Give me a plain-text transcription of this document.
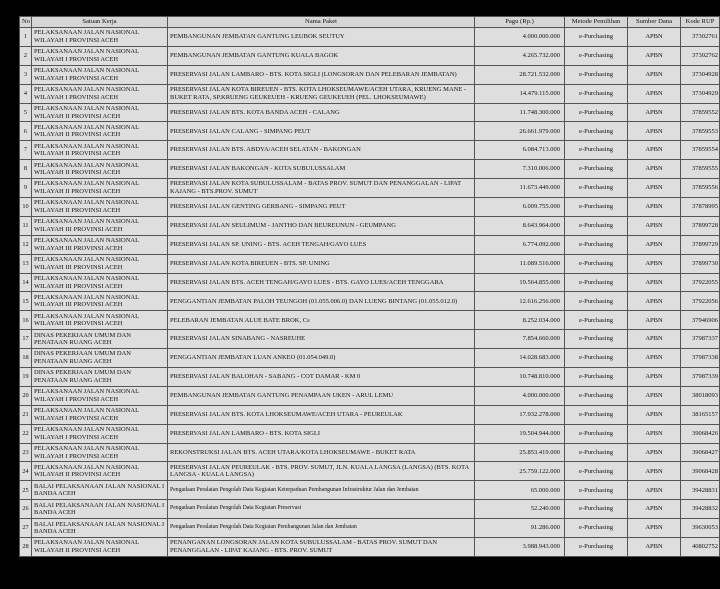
No	Satuan Kerja	Nama Paket	Pagu (Rp.)	Metode Pemilihan	Sumber Dana	Kode RUP
1	PELAKSANAAN JALAN NASIONAL WILAYAH I PROVINSI ACEH	PEMBANGUNAN JEMBATAN GANTUNG LEUBOK SEUTUY	4.000.000.000	e-Purchasing	APBN	37302761
2	PELAKSANAAN JALAN NASIONAL WILAYAH I PROVINSI ACEH	PEMBANGUNAN JEMBATAN GANTUNG KUALA BAGOK	4.265.732.000	e-Purchasing	APBN	37302762
3	PELAKSANAAN JALAN NASIONAL WILAYAH I PROVINSI ACEH	PRESERVASI JALAN LAMBARO - BTS. KOTA SIGLI (LONGSORAN DAN PELEBARAN JEMBATAN)	28.721.532.000	e-Purchasing	APBN	37304928
4	PELAKSANAAN JALAN NASIONAL WILAYAH I PROVINSI ACEH	PRESERVASI JALAN KOTA BIREUEN - BTS. KOTA LHOKSEUMAWE/ACEH UTARA, KRUENG MANE - BUKET RATA, SP.KRUENG GEUKEUEH - KRUENG GEUKEUEH (PEL. LHOKSEUMAWE)	14.479.115.000	e-Purchasing	APBN	37304929
5	PELAKSANAAN JALAN NASIONAL WILAYAH II PROVINSI ACEH	PRESERVASI JALAN BTS. KOTA BANDA ACEH - CALANG	11.748.300.000	e-Purchasing	APBN	37859552
6	PELAKSANAAN JALAN NASIONAL WILAYAH II PROVINSI ACEH	PRESERVASI JALAN CALANG - SIMPANG PEUT	26.661.979.000	e-Purchasing	APBN	37859553
7	PELAKSANAAN JALAN NASIONAL WILAYAH II PROVINSI ACEH	PRESERVASI JALAN BTS. ABDYA/ACEH SELATAN - BAKONGAN	6.084.713.000	e-Purchasing	APBN	37859554
8	PELAKSANAAN JALAN NASIONAL WILAYAH II PROVINSI ACEH	PRESERVASI JALAN BAKONGAN - KOTA SUBULUSSALAM	7.310.006.000	e-Purchasing	APBN	37859555
9	PELAKSANAAN JALAN NASIONAL WILAYAH II PROVINSI ACEH	PRESERVASI JALAN KOTA SUBULUSSALAM - BATAS PROV. SUMUT DAN PENANGGALAN - LIPAT KAJANG - BTS.PROV. SUMUT	11.673.449.000	e-Purchasing	APBN	37859556
10	PELAKSANAAN JALAN NASIONAL WILAYAH II PROVINSI ACEH	PRESERVASI JALAN GENTING GERBANG - SIMPANG PEUT	6.009.755.000	e-Purchasing	APBN	37878995
11	PELAKSANAAN JALAN NASIONAL WILAYAH III PROVINSI ACEH	PRESERVASI JALAN SEULIMUM - JANTHO DAN BEUREUNUN - GEUMPANG	8.643.964.000	e-Purchasing	APBN	37899728
12	PELAKSANAAN JALAN NASIONAL WILAYAH III PROVINSI ACEH	PRESERVASI JALAN SP. UNING - BTS. ACEH TENGAH/GAYO LUES	6.774.092.000	e-Purchasing	APBN	37899729
13	PELAKSANAAN JALAN NASIONAL WILAYAH III PROVINSI ACEH	PRESERVASI JALAN KOTA BIREUEN - BTS. SP. UNING	11.089.516.000	e-Purchasing	APBN	37899730
14	PELAKSANAAN JALAN NASIONAL WILAYAH III PROVINSI ACEH	PRESERVASI JALAN BTS. ACEH TENGAH/GAYO LUES - BTS. GAYO LUES/ACEH TENGGARA	19.564.855.000	e-Purchasing	APBN	37922055
15	PELAKSANAAN JALAN NASIONAL WILAYAH III PROVINSI ACEH	PENGGANTIAN JEMBATAN PALOH TEUNGOH (01.055.006.0) DAN LUENG BINTANG (01.055.012.0)	12.616.256.000	e-Purchasing	APBN	37922056
16	PELAKSANAAN JALAN NASIONAL WILAYAH III PROVINSI ACEH	PELEBARAN JEMBATAN ALUE BATE BROK, Cs	8.252.034.000	e-Purchasing	APBN	37946906
17	DINAS PEKERJAAN UMUM DAN PENATAAN RUANG ACEH	PRESERVASI JALAN SINABANG - NASREUHE	7.854.660.000	e-Purchasing	APBN	37987337
18	DINAS PEKERJAAN UMUM DAN PENATAAN RUANG ACEH	PENGGANTIAN JEMBATAN LUAN ANKEO (01.054.049.0)	14.028.683.000	e-Purchasing	APBN	37987338
19	DINAS PEKERJAAN UMUM DAN PENATAAN RUANG ACEH	PRESERVASI JALAN BALOHAN - SABANG - COT DAMAR - KM 0	10.748.810.000	e-Purchasing	APBN	37987339
20	PELAKSANAAN JALAN NASIONAL WILAYAH I PROVINSI ACEH	PEMBANGUNAN JEMBATAN GANTUNG PENAMPAAN UKEN - ARUL LEMU	4.000.000.000	e-Purchasing	APBN	38018093
21	PELAKSANAAN JALAN NASIONAL WILAYAH I PROVINSI ACEH	PRESERVASI JALAN BTS. KOTA LHOKSEUMAWE/ACEH UTARA - PEUREULAK	17.932.278.000	e-Purchasing	APBN	38165157
22	PELAKSANAAN JALAN NASIONAL WILAYAH I PROVINSI ACEH	PRESERVASI JALAN LAMBARO - BTS. KOTA SIGLI	19.504.944.000	e-Purchasing	APBN	39068426
23	PELAKSANAAN JALAN NASIONAL WILAYAH I PROVINSI ACEH	REKONSTRUKSI JALAN BTS. ACEH UTARA/KOTA LHOKSEUMAWE - BUKET RATA	25.853.419.000	e-Purchasing	APBN	39068427
24	PELAKSANAAN JALAN NASIONAL WILAYAH II PROVINSI ACEH	PRESERVASI JALAN PEUREULAK - BTS. PROV. SUMUT, JLN. KUALA LANGSA (LANGSA) (BTS. KOTA LANGSA - KUALA LANGSA)	25.759.122.000	e-Purchasing	APBN	39068428
25	BALAI PELAKSANAAN JALAN NASIONAL I BANDA ACEH	Pengadaan Peralatan Pengolah Data Kegiatan Keterpaduan Pembangunan Infrastruktur Jalan dan Jembatan	65.000.000	e-Purchasing	APBN	39428831
26	BALAI PELAKSANAAN JALAN NASIONAL I BANDA ACEH	Pengadaan Peralatan Pengolah Data Kegiatan Preservasi	52.240.000	e-Purchasing	APBN	39428832
27	BALAI PELAKSANAAN JALAN NASIONAL I BANDA ACEH	Pengadaan Peralatan Pengolah Data Kegiatan Pembangunan Jalan dan Jembatan	91.286.000	e-Purchasing	APBN	39630053
28	PELAKSANAAN JALAN NASIONAL WILAYAH II PROVINSI ACEH	PENANGANAN LONGSORAN JALAN KOTA SUBULUSSALAM - BATAS PROV. SUMUT DAN PENANGGALAN - LIPAT KAJANG - BTS. PROV. SUMUT	3.988.943.000	e-Purchasing	APBN	40802752
